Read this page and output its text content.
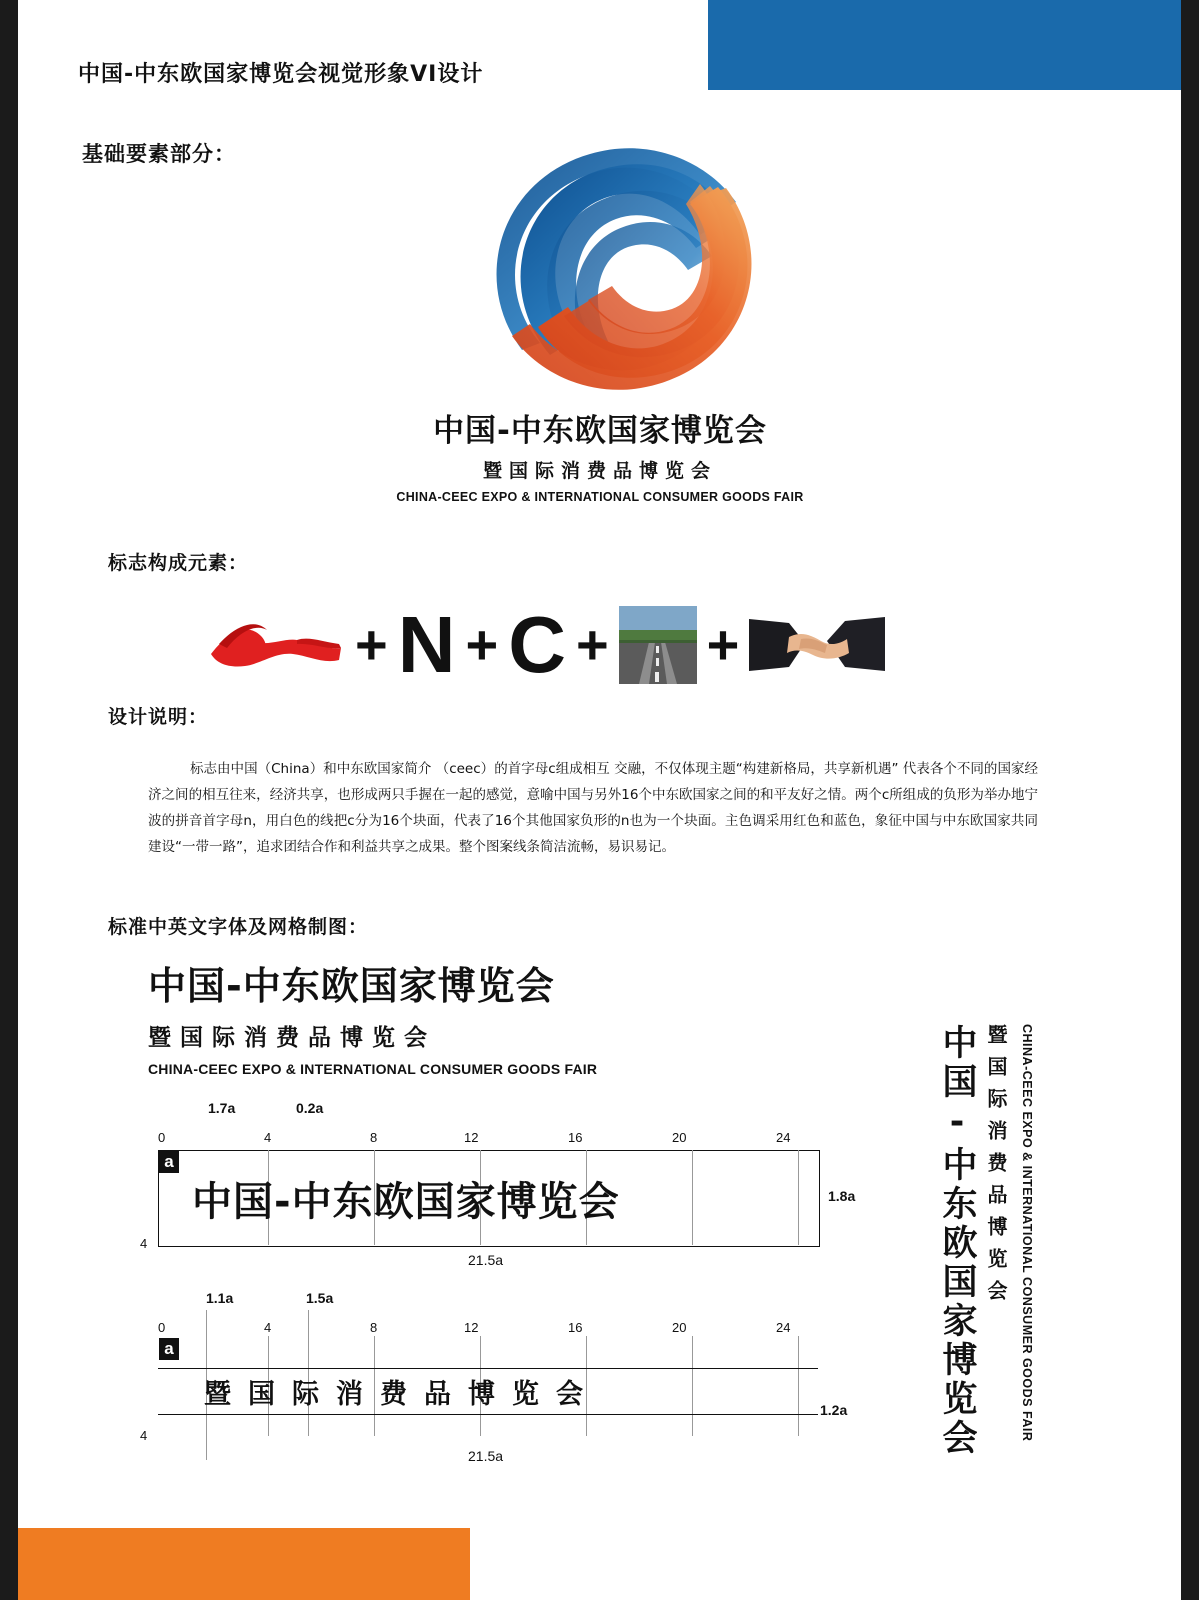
中国-中东欧国家博览会视觉形象VI设计
基础要素部分：
中国-中东欧国家博览会
暨国际消费品博览会
CHINA-CEEC EXPO & INTERNATIONAL CONSUMER GOODS FAIR
标志构成元素：
+ N + C + +
设计说明：

标志由中国（China）和中东欧国家简介 （ceec）的首字母c组成相互 交融，不仅体现主题“构建新格局，共享新机遇” 代表各个不同的国家经济之间的相互往来，经济共享，也形成两只手握在一起的感觉，意喻中国与另外16个中东欧国家之间的和平友好之情。两个c所组成的负形为举办地宁波的拼音首字母n，用白色的线把c分为16个块面，代表了16个其他国家负形的n也为一个块面。主色调采用红色和蓝色，象征中国与中东欧国家共同建设“一带一路”，追求团结合作和利益共享之成果。整个图案线条简洁流畅，易识易记。

标准中英文字体及网格制图：
中国-中东欧国家博览会
暨国际消费品博览会
CHINA-CEEC EXPO & INTERNATIONAL CONSUMER GOODS FAIR
1.7a	0.2a
0	4	8	12	16	20	24
a
中国-中东欧国家博览会	1.8a
4
21.5a
1.1a	1.5a
0	4	8	12	16	20	24
a
暨国际消费品博览会	1.2a
4
21.5a	中国-中东欧国家博览会 暨国际消费品博览会 CHINA-CEEC EXPO & INTERNATIONAL CONSUMER GOODS FAIR
